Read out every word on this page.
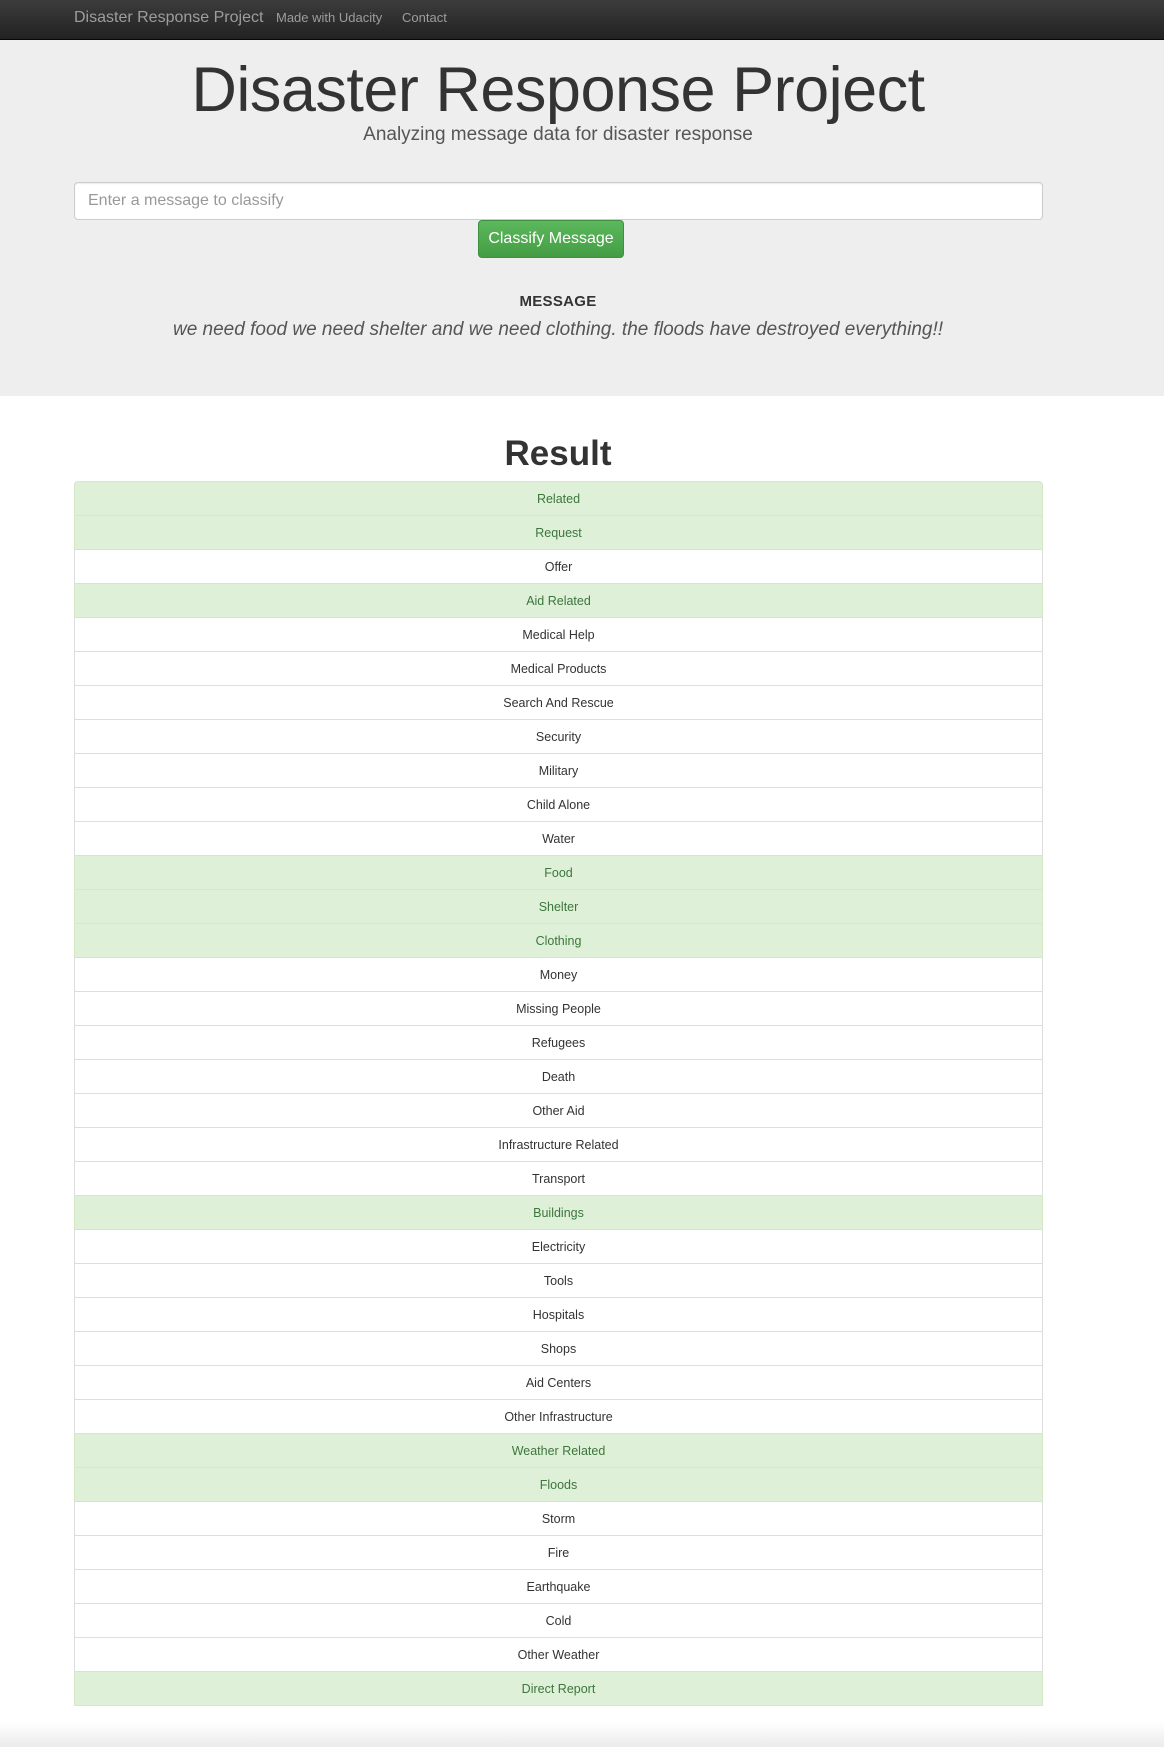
Disaster Response Project Made with Udacity Contact
Disaster Response Project

Analyzing message data for disaster response

Enter a message to classify
Classify Message
MESSAGE

we need food we need shelter and we need clothing. the floods have destroyed everything!!

Result
Related
Request
Offer
Aid Related
Medical Help
Medical Products
Search And Rescue
Security
Military
Child Alone
Water
Food
Shelter
Clothing
Money
Missing People
Refugees
Death
Other Aid
Infrastructure Related
Transport
Buildings
Electricity
Tools
Hospitals
Shops
Aid Centers
Other Infrastructure
Weather Related
Floods
Storm
Fire
Earthquake
Cold
Other Weather
Direct Report
